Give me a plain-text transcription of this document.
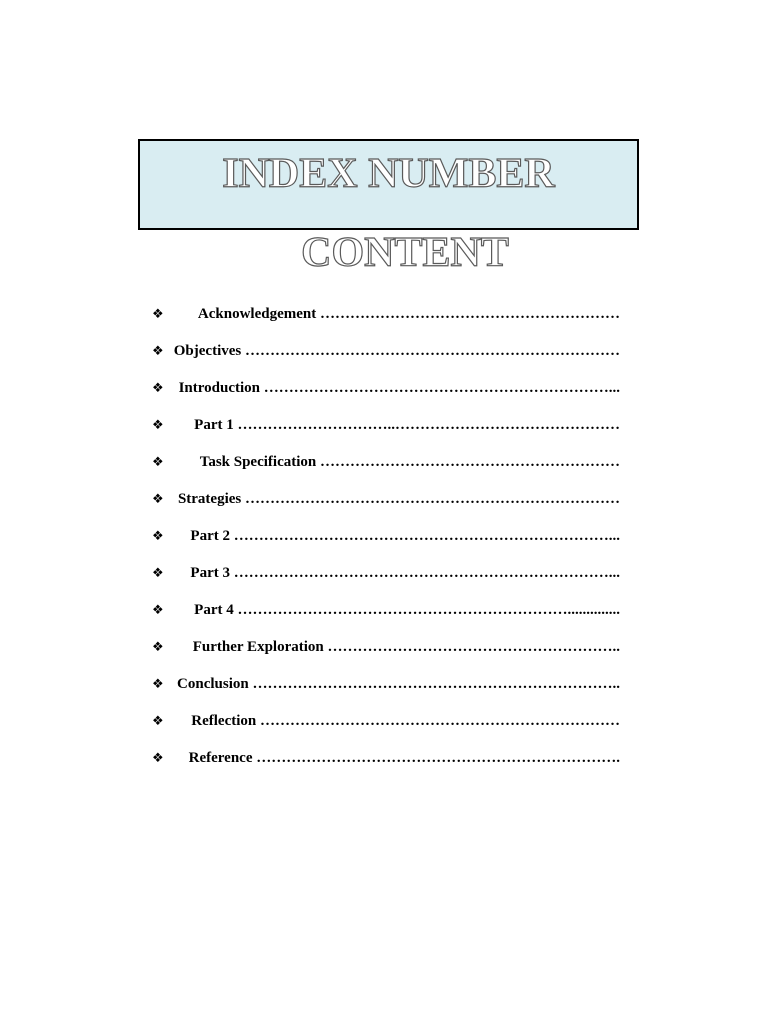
INDEX NUMBER
CONTENT
❖	Acknowledgement ……………………………………………………
❖ Objectives …………………………………………………………………
❖ Introduction ……………………………………………………………...
❖	Part 1 …………………………..………………………………………
❖	Task Specification ……………………………………………………
❖ Strategies …………………………………………………………………
❖	Part 2 …………………………………………………………………...
❖	Part 3 …………………………………………………………………...
❖	Part 4 …………………………………………………………..............
❖	Further Exploration …………………………………………………..
❖ Conclusion ………………………………………………………………..
❖	Reflection ………………………………………………………………
❖	Reference ……………………………………………………………….
